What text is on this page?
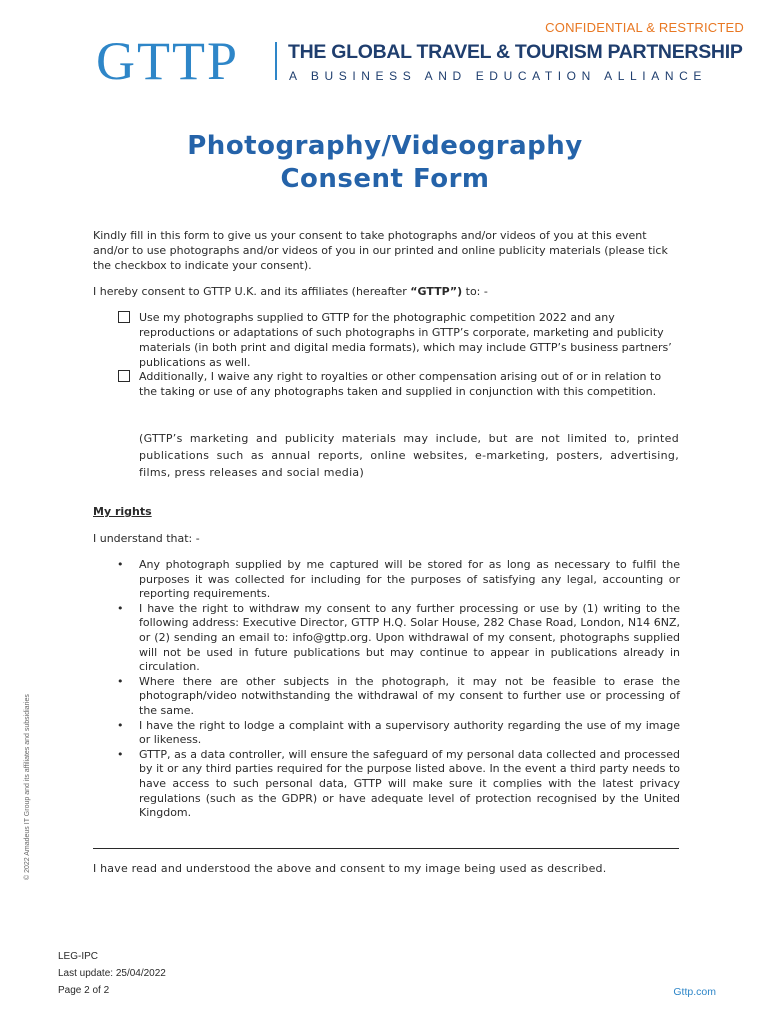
CONFIDENTIAL & RESTRICTED
GTTP	THE GLOBAL TRAVEL & TOURISM PARTNERSHIP
A BUSINESS AND EDUCATION ALLIANCE
Photography/Videography
Consent Form
Kindly fill in this form to give us your consent to take photographs and/or videos of you at this event and/or to use photographs and/or videos of you in our printed and online publicity materials (please tick the checkbox to indicate your consent).
I hereby consent to GTTP U.K. and its affiliates (hereafter “GTTP”) to: -
Use my photographs supplied to GTTP for the photographic competition 2022 and any reproductions or adaptations of such photographs in GTTP’s corporate, marketing and publicity materials (in both print and digital media formats), which may include GTTP’s business partners’ publications as well.
Additionally, I waive any right to royalties or other compensation arising out of or in relation to the taking or use of any photographs taken and supplied in conjunction with this competition.
(GTTP’s marketing and publicity materials may include, but are not limited to, printed publications such as annual reports, online websites, e-marketing, posters, advertising, films, press releases and social media)
My rights
I understand that: -
• Any photograph supplied by me captured will be stored for as long as necessary to fulfil the purposes it was collected for including for the purposes of satisfying any legal, accounting or reporting requirements.
• I have the right to withdraw my consent to any further processing or use by (1) writing to the following address: Executive Director, GTTP H.Q. Solar House, 282 Chase Road, London, N14 6NZ, or (2) sending an email to: info@gttp.org. Upon withdrawal of my consent, photographs supplied will not be used in future publications but may continue to appear in publications already in circulation.
• Where there are other subjects in the photograph, it may not be feasible to erase the photograph/video notwithstanding the withdrawal of my consent to further use or processing of the same.
• I have the right to lodge a complaint with a supervisory authority regarding the use of my image or likeness.
• GTTP, as a data controller, will ensure the safeguard of my personal data collected and processed by it or any third parties required for the purpose listed above. In the event a third party needs to have access to such personal data, GTTP will make sure it complies with the latest privacy regulations (such as the GDPR) or have adequate level of protection recognised by the United Kingdom.
I have read and understood the above and consent to my image being used as described.
© 2022 Amadeus IT Group and its affiliates and subsidiaries
LEG-IPC
Last update: 25/04/2022
Page 2 of 2	Gttp.com
